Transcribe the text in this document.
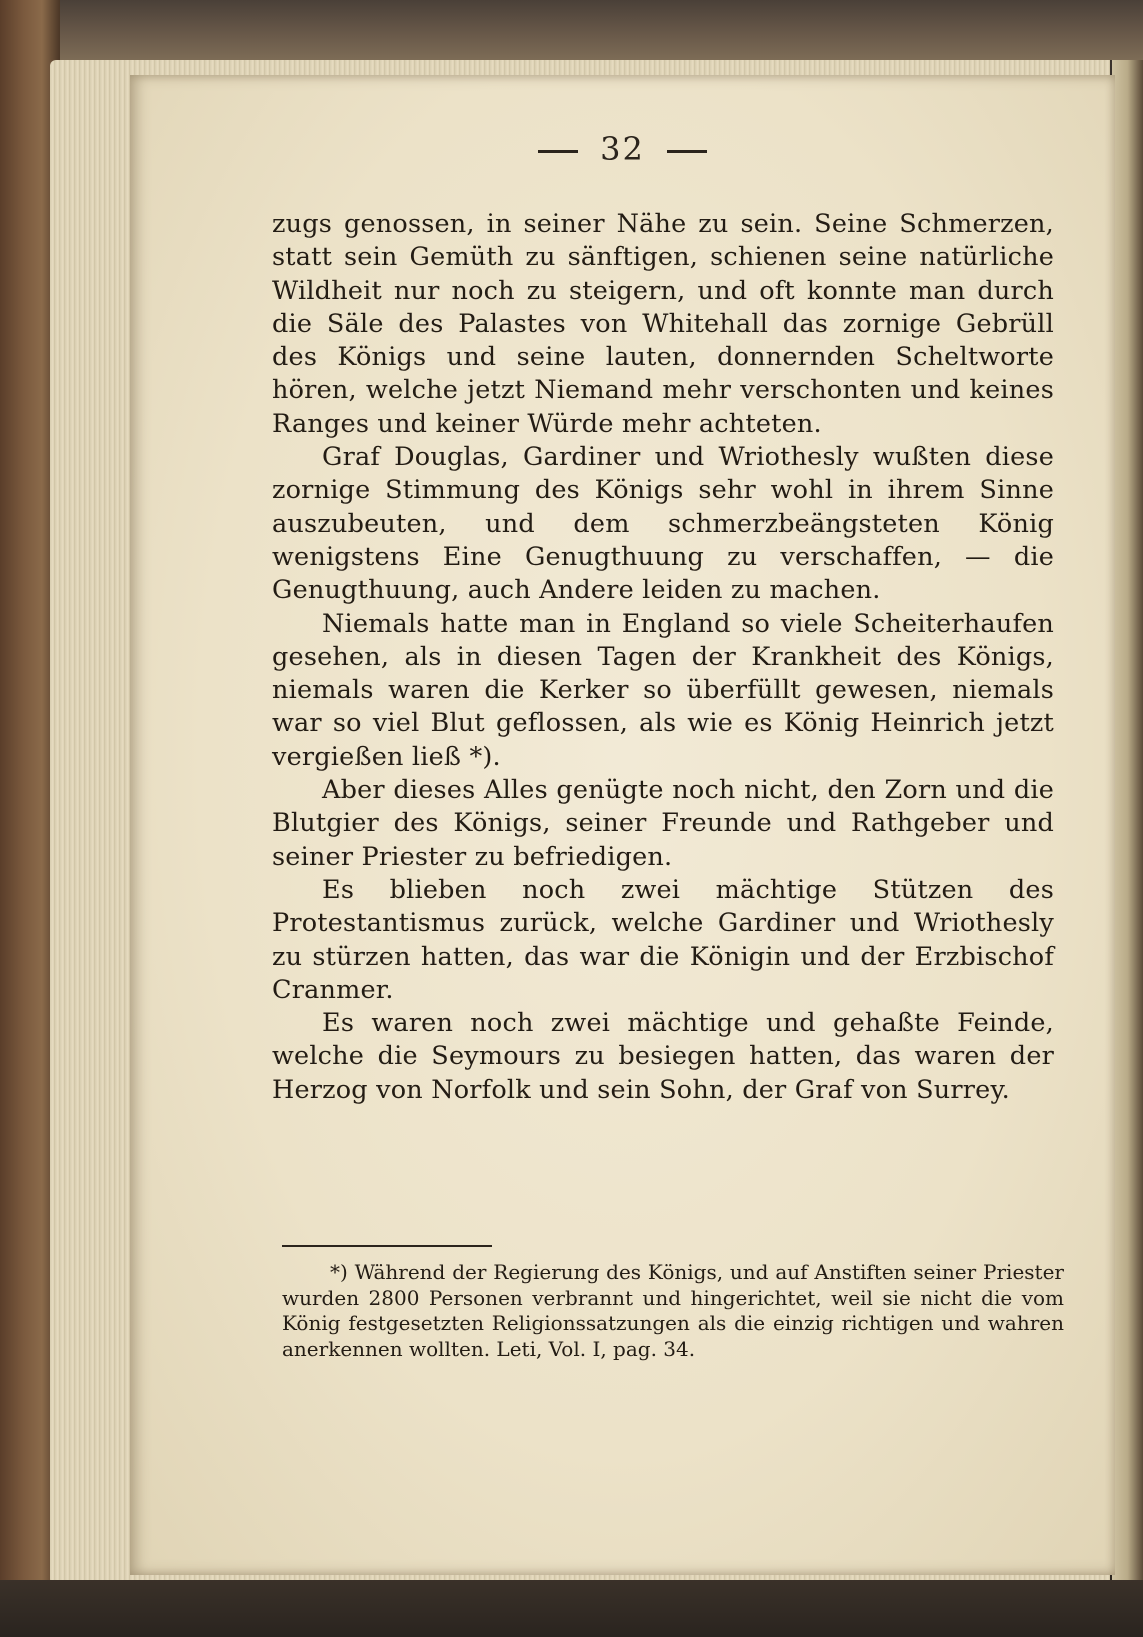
32

zugs genossen, in seiner Nähe zu sein. Seine Schmerzen, statt sein Gemüth zu sänftigen, schienen seine natürliche Wildheit nur noch zu steigern, und oft konnte man durch die Säle des Palastes von Whitehall das zornige Gebrüll des Königs und seine lauten, donnernden Scheltworte hören, welche jetzt Niemand mehr verschonten und keines Ranges und keiner Würde mehr achteten.

Graf Douglas, Gardiner und Wriothesly wußten diese zornige Stimmung des Königs sehr wohl in ihrem Sinne auszubeuten, und dem schmerzbeängsteten König wenigstens Eine Genugthuung zu verschaffen, — die Genugthuung, auch Andere leiden zu machen.

Niemals hatte man in England so viele Scheiterhaufen gesehen, als in diesen Tagen der Krankheit des Königs, niemals waren die Kerker so überfüllt gewesen, niemals war so viel Blut geflossen, als wie es König Heinrich jetzt vergießen ließ *).

Aber dieses Alles genügte noch nicht, den Zorn und die Blutgier des Königs, seiner Freunde und Rathgeber und seiner Priester zu befriedigen.

Es blieben noch zwei mächtige Stützen des Protestantismus zurück, welche Gardiner und Wriothesly zu stürzen hatten, das war die Königin und der Erzbischof Cranmer.

Es waren noch zwei mächtige und gehaßte Feinde, welche die Seymours zu besiegen hatten, das waren der Herzog von Norfolk und sein Sohn, der Graf von Surrey.

*) Während der Regierung des Königs, und auf Anstiften seiner Priester wurden 2800 Personen verbrannt und hingerichtet, weil sie nicht die vom König festgesetzten Religionssatzungen als die einzig richtigen und wahren anerkennen wollten. Leti, Vol. I, pag. 34.
